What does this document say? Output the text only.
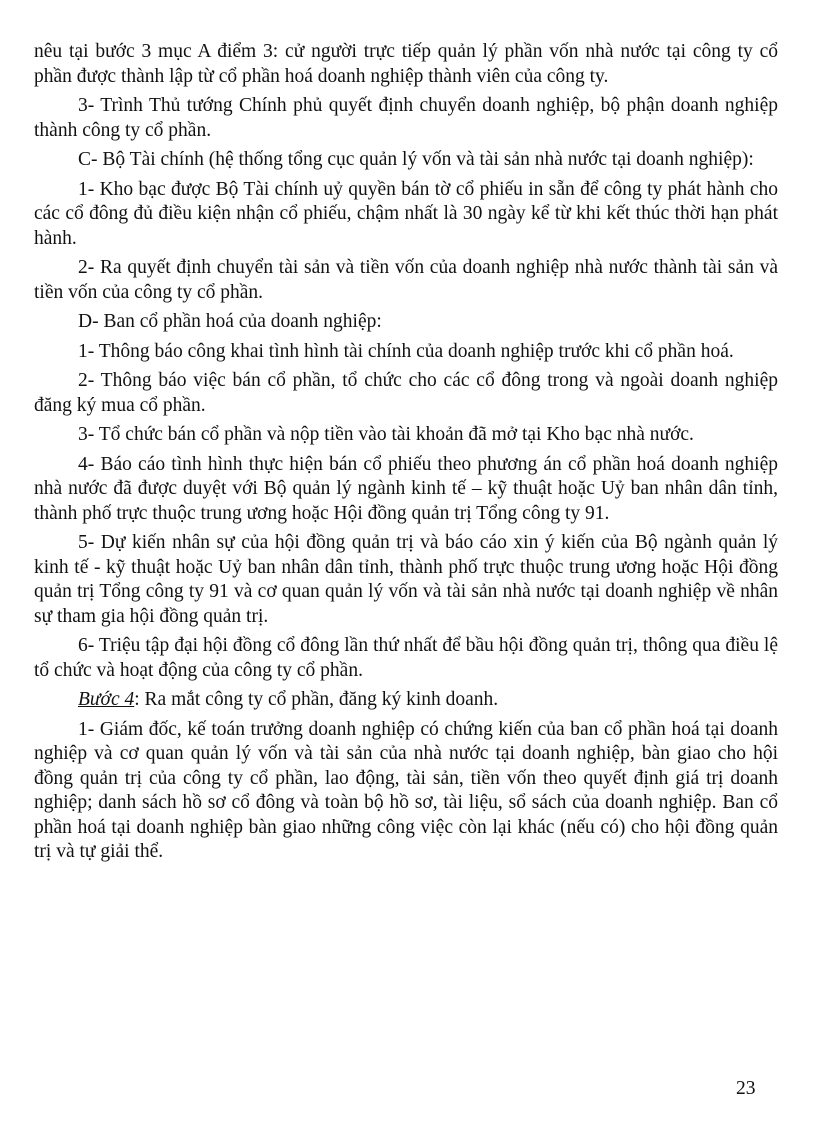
nêu tại bước 3 mục A điểm 3: cử người trực tiếp quản lý phần vốn nhà nước tại công ty cổ phần được thành lập từ cổ phần hoá doanh nghiệp thành viên của công ty.

3- Trình Thủ tướng Chính phủ quyết định chuyển doanh nghiệp, bộ phận doanh nghiệp thành công ty cổ phần.

C- Bộ Tài chính (hệ thống tổng cục quản lý vốn và tài sản nhà nước tại doanh nghiệp):

1- Kho bạc được Bộ Tài chính uỷ quyền bán tờ cổ phiếu in sẵn để công ty phát hành cho các cổ đông đủ điều kiện nhận cổ phiếu, chậm nhất là 30 ngày kể từ khi kết thúc thời hạn phát hành.

2- Ra quyết định chuyển tài sản và tiền vốn của doanh nghiệp nhà nước thành tài sản và tiền vốn của công ty cổ phần.

D- Ban cổ phần hoá của doanh nghiệp:

1- Thông báo công khai tình hình tài chính của doanh nghiệp trước khi cổ phần hoá.

2- Thông báo việc bán cổ phần, tổ chức cho các cổ đông trong và ngoài doanh nghiệp đăng ký mua cổ phần.

3- Tổ chức bán cổ phần và nộp tiền vào tài khoản đã mở tại Kho bạc nhà nước.

4- Báo cáo tình hình thực hiện bán cổ phiếu theo phương án cổ phần hoá doanh nghiệp nhà nước đã được duyệt với Bộ quản lý ngành kinh tế – kỹ thuật hoặc Uỷ ban nhân dân tỉnh, thành phố trực thuộc trung ương hoặc Hội đồng quản trị Tổng công ty 91.

5- Dự kiến nhân sự của hội đồng quản trị và báo cáo xin ý kiến của Bộ ngành quản lý kinh tế - kỹ thuật hoặc Uỷ ban nhân dân tỉnh, thành phố trực thuộc trung ương hoặc Hội đồng quản trị Tổng công ty 91 và cơ quan quản lý vốn và tài sản nhà nước tại doanh nghiệp về nhân sự tham gia hội đồng quản trị.

6- Triệu tập đại hội đồng cổ đông lần thứ nhất để bầu hội đồng quản trị, thông qua điều lệ tổ chức và hoạt động của công ty cổ phần.

Bước 4: Ra mắt công ty cổ phần, đăng ký kinh doanh.

1- Giám đốc, kế toán trưởng doanh nghiệp có chứng kiến của ban cổ phần hoá tại doanh nghiệp và cơ quan quản lý vốn và tài sản của nhà nước tại doanh nghiệp, bàn giao cho hội đồng quản trị của công ty cổ phần, lao động, tài sản, tiền vốn theo quyết định giá trị doanh nghiệp; danh sách hồ sơ cổ đông và toàn bộ hồ sơ, tài liệu, sổ sách của doanh nghiệp. Ban cổ phần hoá tại doanh nghiệp bàn giao những công việc còn lại khác (nếu có) cho hội đồng quản trị và tự giải thể.

23
